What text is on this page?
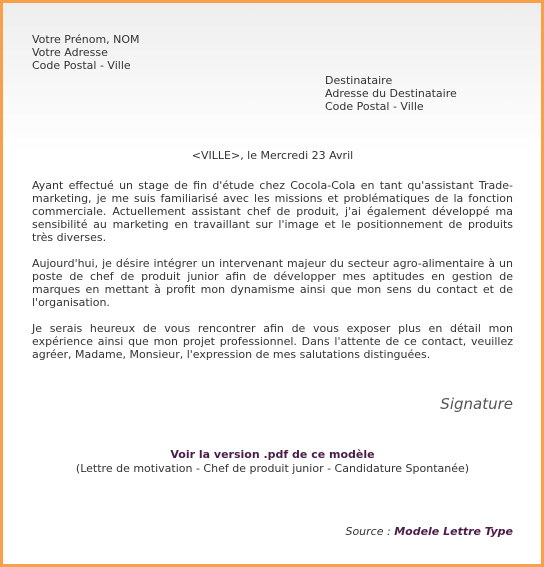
Votre Prénom, NOM
Votre Adresse
Code Postal - Ville
Destinataire
Adresse du Destinataire
Code Postal - Ville
<VILLE>, le Mercredi 23 Avril

Ayant effectué un stage de fin d'étude chez Cocola-Cola en tant qu'assistant Trade-marketing, je me suis familiarisé avec les missions et problématiques de la fonction commerciale. Actuellement assistant chef de produit, j'ai également développé ma sensibilité au marketing en travaillant sur l'image et le positionnement de produits très diverses.

Aujourd'hui, je désire intégrer un intervenant majeur du secteur agro-alimentaire à un poste de chef de produit junior afin de développer mes aptitudes en gestion de marques en mettant à profit mon dynamisme ainsi que mon sens du contact et de l'organisation.

Je serais heureux de vous rencontrer afin de vous exposer plus en détail mon expérience ainsi que mon projet professionnel. Dans l'attente de ce contact, veuillez agréer, Madame, Monsieur, l'expression de mes salutations distinguées.

Signature
Voir la version .pdf de ce modèle
(Lettre de motivation - Chef de produit junior - Candidature Spontanée)
Source : Modele Lettre Type
